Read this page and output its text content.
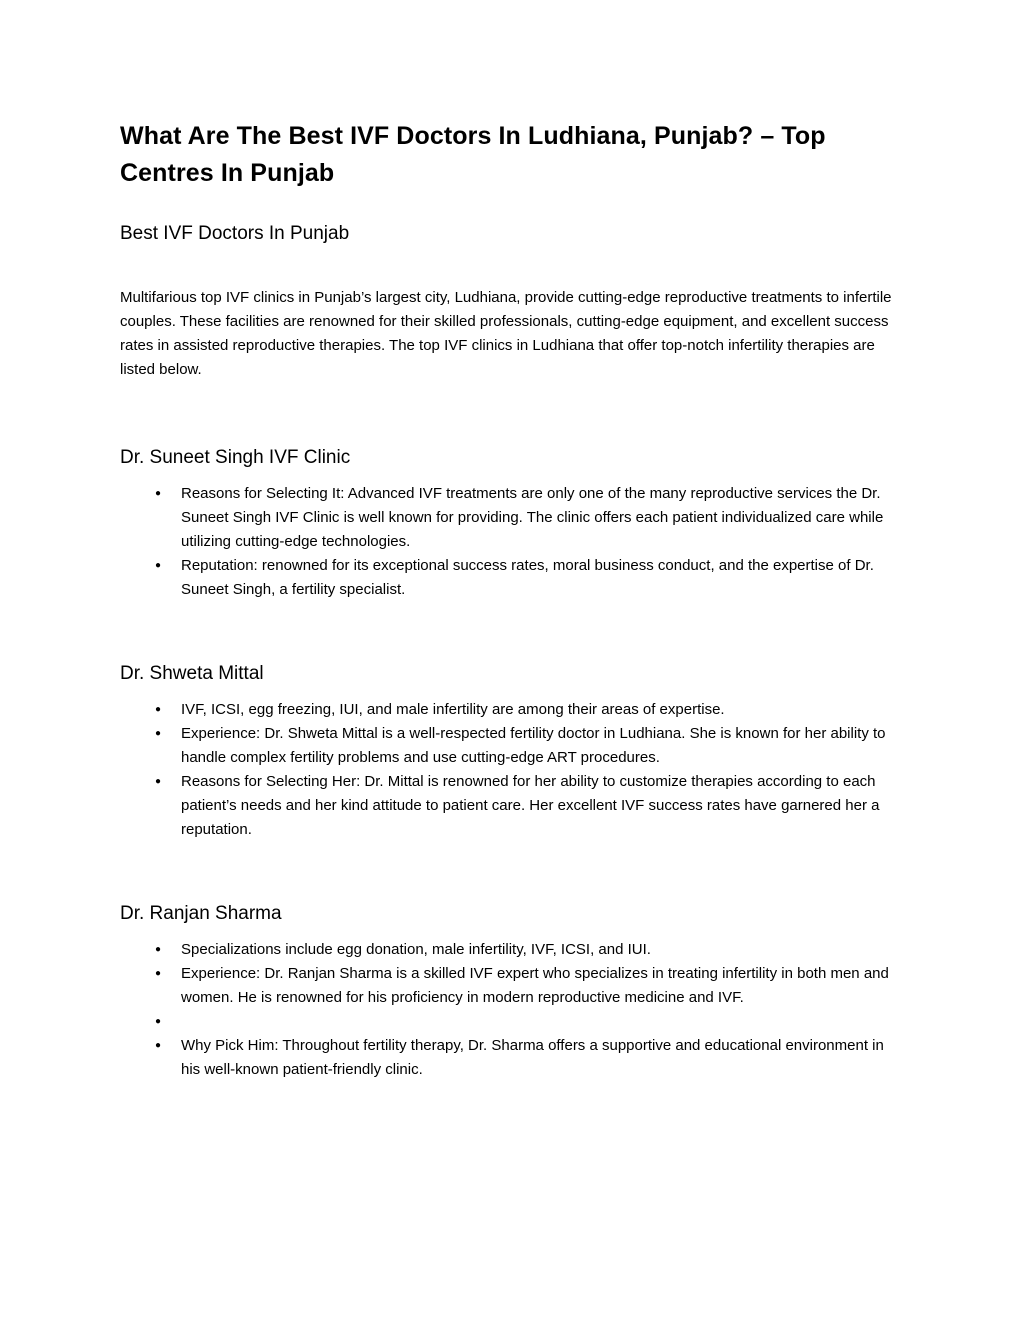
What Are The Best IVF Doctors In Ludhiana, Punjab? – Top Centres In Punjab
Best IVF Doctors In Punjab

Multifarious top IVF clinics in Punjab’s largest city, Ludhiana, provide cutting-edge reproductive treatments to infertile couples. These facilities are renowned for their skilled professionals, cutting-edge equipment, and excellent success rates in assisted reproductive therapies. The top IVF clinics in Ludhiana that offer top-notch infertility therapies are listed below.

Dr. Suneet Singh IVF Clinic
●	Reasons for Selecting It: Advanced IVF treatments are only one of the many reproductive services the Dr. Suneet Singh IVF Clinic is well known for providing. The clinic offers each patient individualized care while utilizing cutting-edge technologies.
●	Reputation: renowned for its exceptional success rates, moral business conduct, and the expertise of Dr. Suneet Singh, a fertility specialist.
Dr. Shweta Mittal
●	IVF, ICSI, egg freezing, IUI, and male infertility are among their areas of expertise.
●	Experience: Dr. Shweta Mittal is a well-respected fertility doctor in Ludhiana. She is known for her ability to handle complex fertility problems and use cutting-edge ART procedures.
●	Reasons for Selecting Her: Dr. Mittal is renowned for her ability to customize therapies according to each patient’s needs and her kind attitude to patient care. Her excellent IVF success rates have garnered her a reputation.
Dr. Ranjan Sharma
●	Specializations include egg donation, male infertility, IVF, ICSI, and IUI.
●	Experience: Dr. Ranjan Sharma is a skilled IVF expert who specializes in treating infertility in both men and women. He is renowned for his proficiency in modern reproductive medicine and IVF.
●
●	Why Pick Him: Throughout fertility therapy, Dr. Sharma offers a supportive and educational environment in his well-known patient-friendly clinic.
